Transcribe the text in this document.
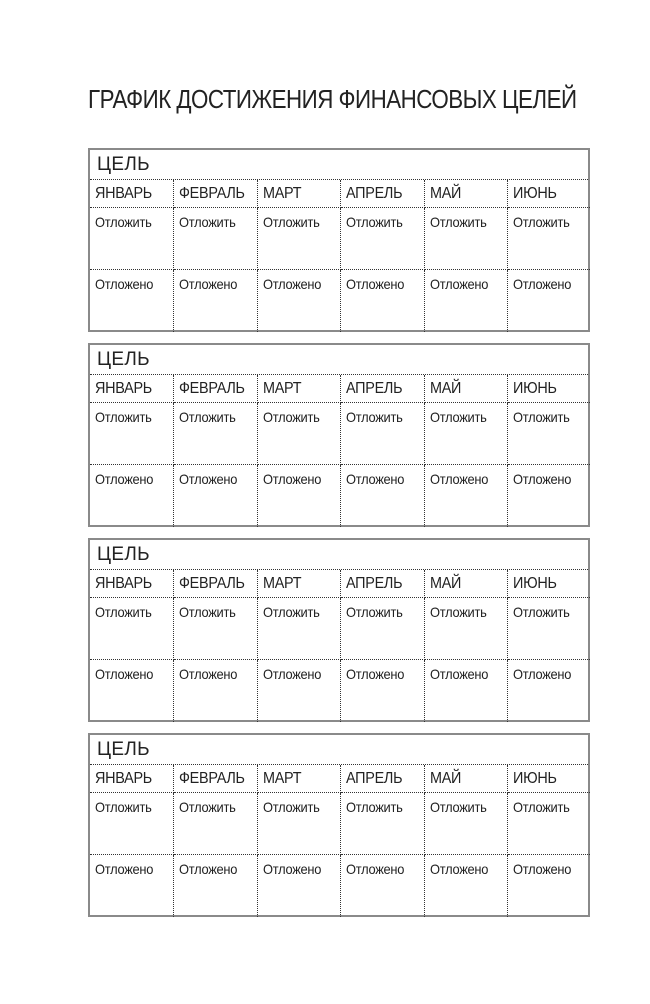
ГРАФИК ДОСТИЖЕНИЯ ФИНАНСОВЫХ ЦЕЛЕЙ
ЦЕЛЬ
ЯНВАРЬ	ФЕВРАЛЬ	МАРТ	АПРЕЛЬ	МАЙ	ИЮНЬ
Отложить	Отложить	Отложить	Отложить	Отложить	Отложить
Отложено	Отложено	Отложено	Отложено	Отложено	Отложено
ЦЕЛЬ
ЯНВАРЬ	ФЕВРАЛЬ	МАРТ	АПРЕЛЬ	МАЙ	ИЮНЬ
Отложить	Отложить	Отложить	Отложить	Отложить	Отложить
Отложено	Отложено	Отложено	Отложено	Отложено	Отложено
ЦЕЛЬ
ЯНВАРЬ	ФЕВРАЛЬ	МАРТ	АПРЕЛЬ	МАЙ	ИЮНЬ
Отложить	Отложить	Отложить	Отложить	Отложить	Отложить
Отложено	Отложено	Отложено	Отложено	Отложено	Отложено
ЦЕЛЬ
ЯНВАРЬ	ФЕВРАЛЬ	МАРТ	АПРЕЛЬ	МАЙ	ИЮНЬ
Отложить	Отложить	Отложить	Отложить	Отложить	Отложить
Отложено	Отложено	Отложено	Отложено	Отложено	Отложено
